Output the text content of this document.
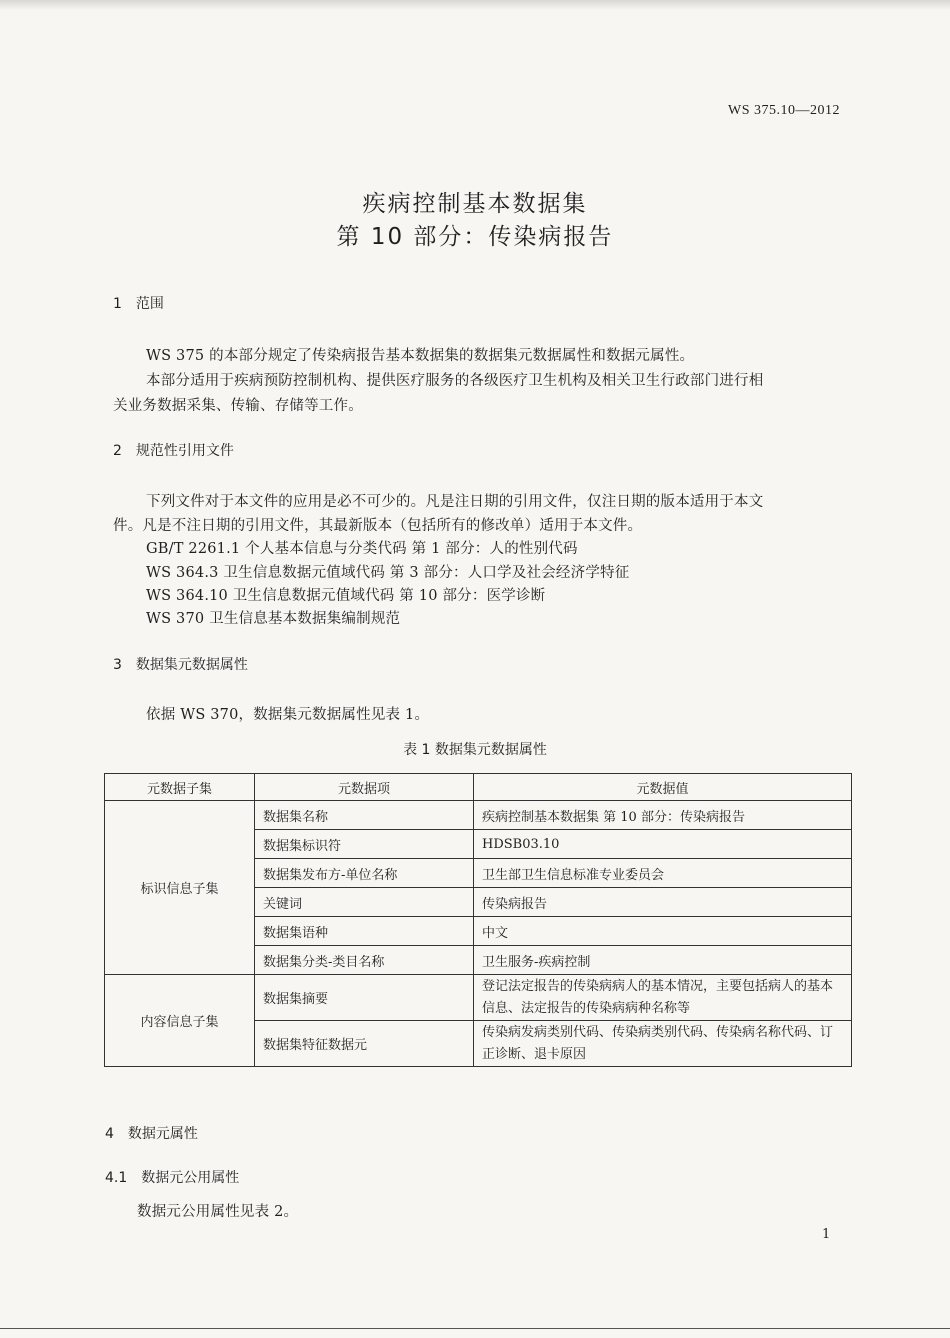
WS 375.10—2012
疾病控制基本数据集
第 10 部分：传染病报告
1 范围
WS 375 的本部分规定了传染病报告基本数据集的数据集元数据属性和数据元属性。
本部分适用于疾病预防控制机构、提供医疗服务的各级医疗卫生机构及相关卫生行政部门进行相
关业务数据采集、传输、存储等工作。
2 规范性引用文件
下列文件对于本文件的应用是必不可少的。凡是注日期的引用文件，仅注日期的版本适用于本文
件。凡是不注日期的引用文件，其最新版本（包括所有的修改单）适用于本文件。
GB/T 2261.1 个人基本信息与分类代码 第 1 部分：人的性别代码
WS 364.3 卫生信息数据元值域代码 第 3 部分：人口学及社会经济学特征
WS 364.10 卫生信息数据元值域代码 第 10 部分：医学诊断
WS 370 卫生信息基本数据集编制规范
3 数据集元数据属性
依据 WS 370，数据集元数据属性见表 1。
表 1 数据集元数据属性
元数据子集	元数据项	元数据值
标识信息子集	数据集名称	疾病控制基本数据集 第 10 部分：传染病报告
	数据集标识符	HDSB03.10
	数据集发布方-单位名称	卫生部卫生信息标准专业委员会
	关键词	传染病报告
	数据集语种	中文
	数据集分类-类目名称	卫生服务-疾病控制
内容信息子集	数据集摘要	登记法定报告的传染病病人的基本情况，主要包括病人的基本信息、法定报告的传染病病种名称等
	数据集特征数据元	传染病发病类别代码、传染病类别代码、传染病名称代码、订正诊断、退卡原因
4 数据元属性
4.1 数据元公用属性
数据元公用属性见表 2。
1
